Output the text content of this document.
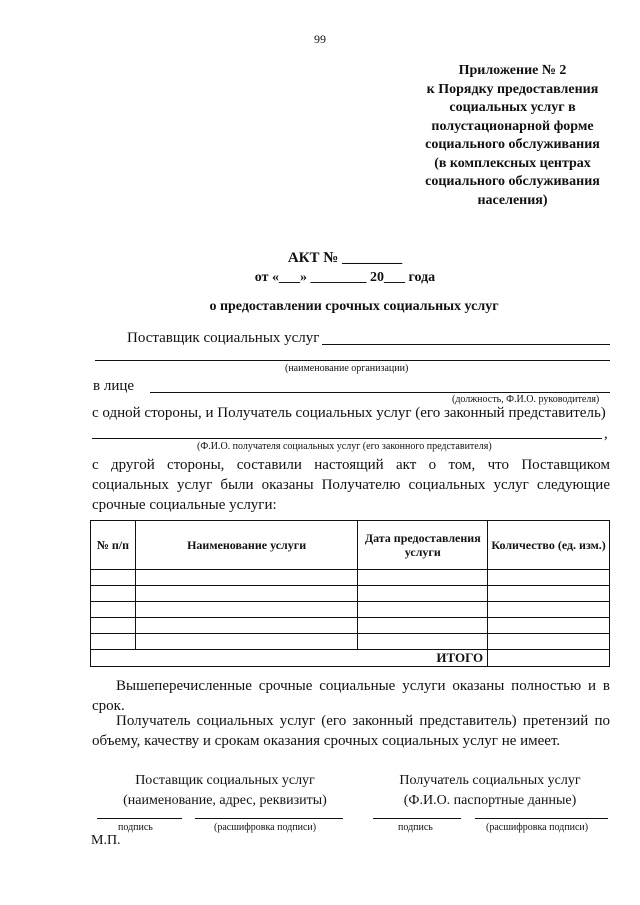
99
Приложение № 2
к Порядку предоставления
социальных услуг в
полустационарной форме
социального обслуживания
(в комплексных центрах
социального обслуживания
населения)
АКТ № ________
от «___» ________ 20___ года
о предоставлении срочных социальных услуг
Поставщик социальных услуг
(наименование организации)
в лице
(должность, Ф.И.О. руководителя)
с одной стороны, и Получатель социальных услуг (его законный представитель)
,
(Ф.И.О. получателя социальных услуг (его законного представителя)
с другой стороны, составили настоящий акт о том, что Поставщиком социальных услуг были оказаны Получателю социальных услуг следующие срочные социальные услуги:
№ п/п	Наименование услуги	Дата предоставления услуги	Количество (ед. изм.)

ИТОГО			
Вышеперечисленные срочные социальные услуги оказаны полностью и в срок.
Получатель социальных услуг (его законный представитель) претензий по объему, качеству и срокам оказания срочных социальных услуг не имеет.
Поставщик социальных услуг
(наименование, адрес, реквизиты)
Получатель социальных услуг
(Ф.И.О. паспортные данные)
подпись	(расшифровка подписи)	подпись	(расшифровка подписи)
М.П.
